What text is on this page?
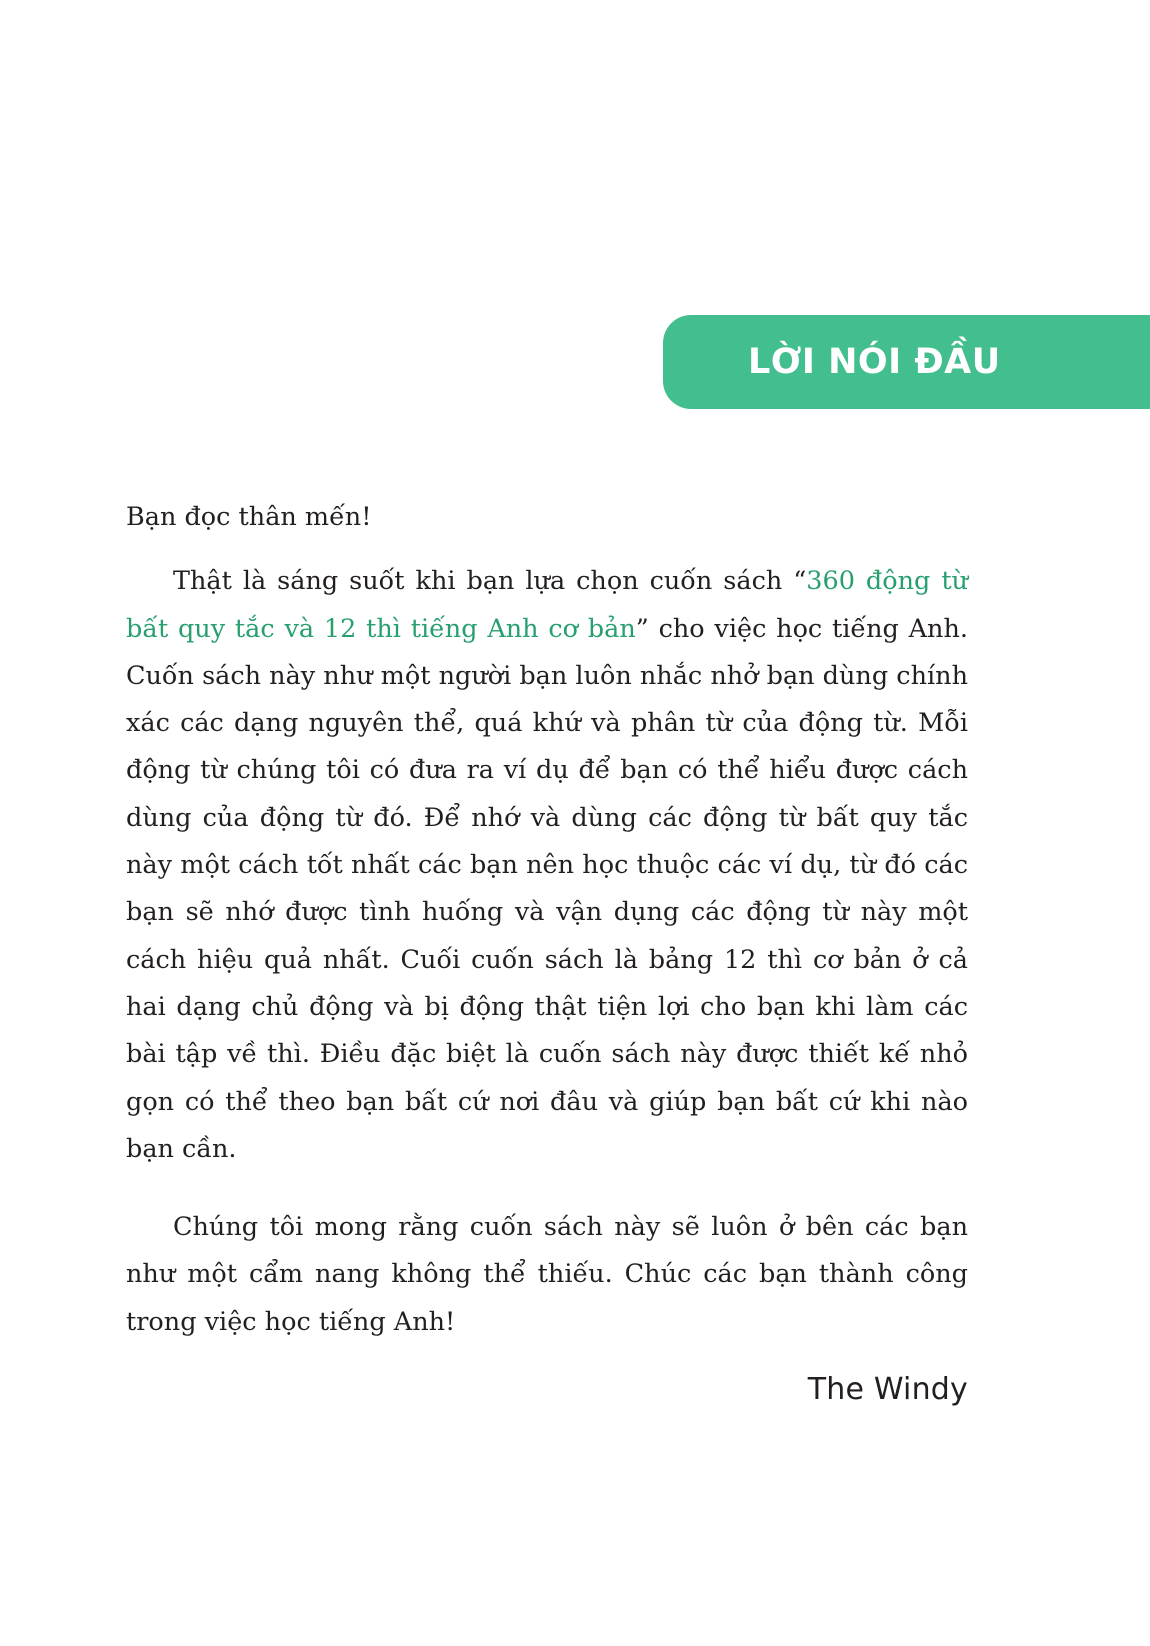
LỜI NÓI ĐẦU

Bạn đọc thân mến!

Thật là sáng suốt khi bạn lựa chọn cuốn sách “360 động từ bất quy tắc và 12 thì tiếng Anh cơ bản” cho việc học tiếng Anh. Cuốn sách này như một người bạn luôn nhắc nhở bạn dùng chính xác các dạng nguyên thể, quá khứ và phân từ của động từ. Mỗi động từ chúng tôi có đưa ra ví dụ để bạn có thể hiểu được cách dùng của động từ đó. Để nhớ và dùng các động từ bất quy tắc này một cách tốt nhất các bạn nên học thuộc các ví dụ, từ đó các bạn sẽ nhớ được tình huống và vận dụng các động từ này một cách hiệu quả nhất. Cuối cuốn sách là bảng 12 thì cơ bản ở cả hai dạng chủ động và bị động thật tiện lợi cho bạn khi làm các bài tập về thì. Điều đặc biệt là cuốn sách này được thiết kế nhỏ gọn có thể theo bạn bất cứ nơi đâu và giúp bạn bất cứ khi nào bạn cần.

Chúng tôi mong rằng cuốn sách này sẽ luôn ở bên các bạn như một cẩm nang không thể thiếu. Chúc các bạn thành công trong việc học tiếng Anh!

The Windy
